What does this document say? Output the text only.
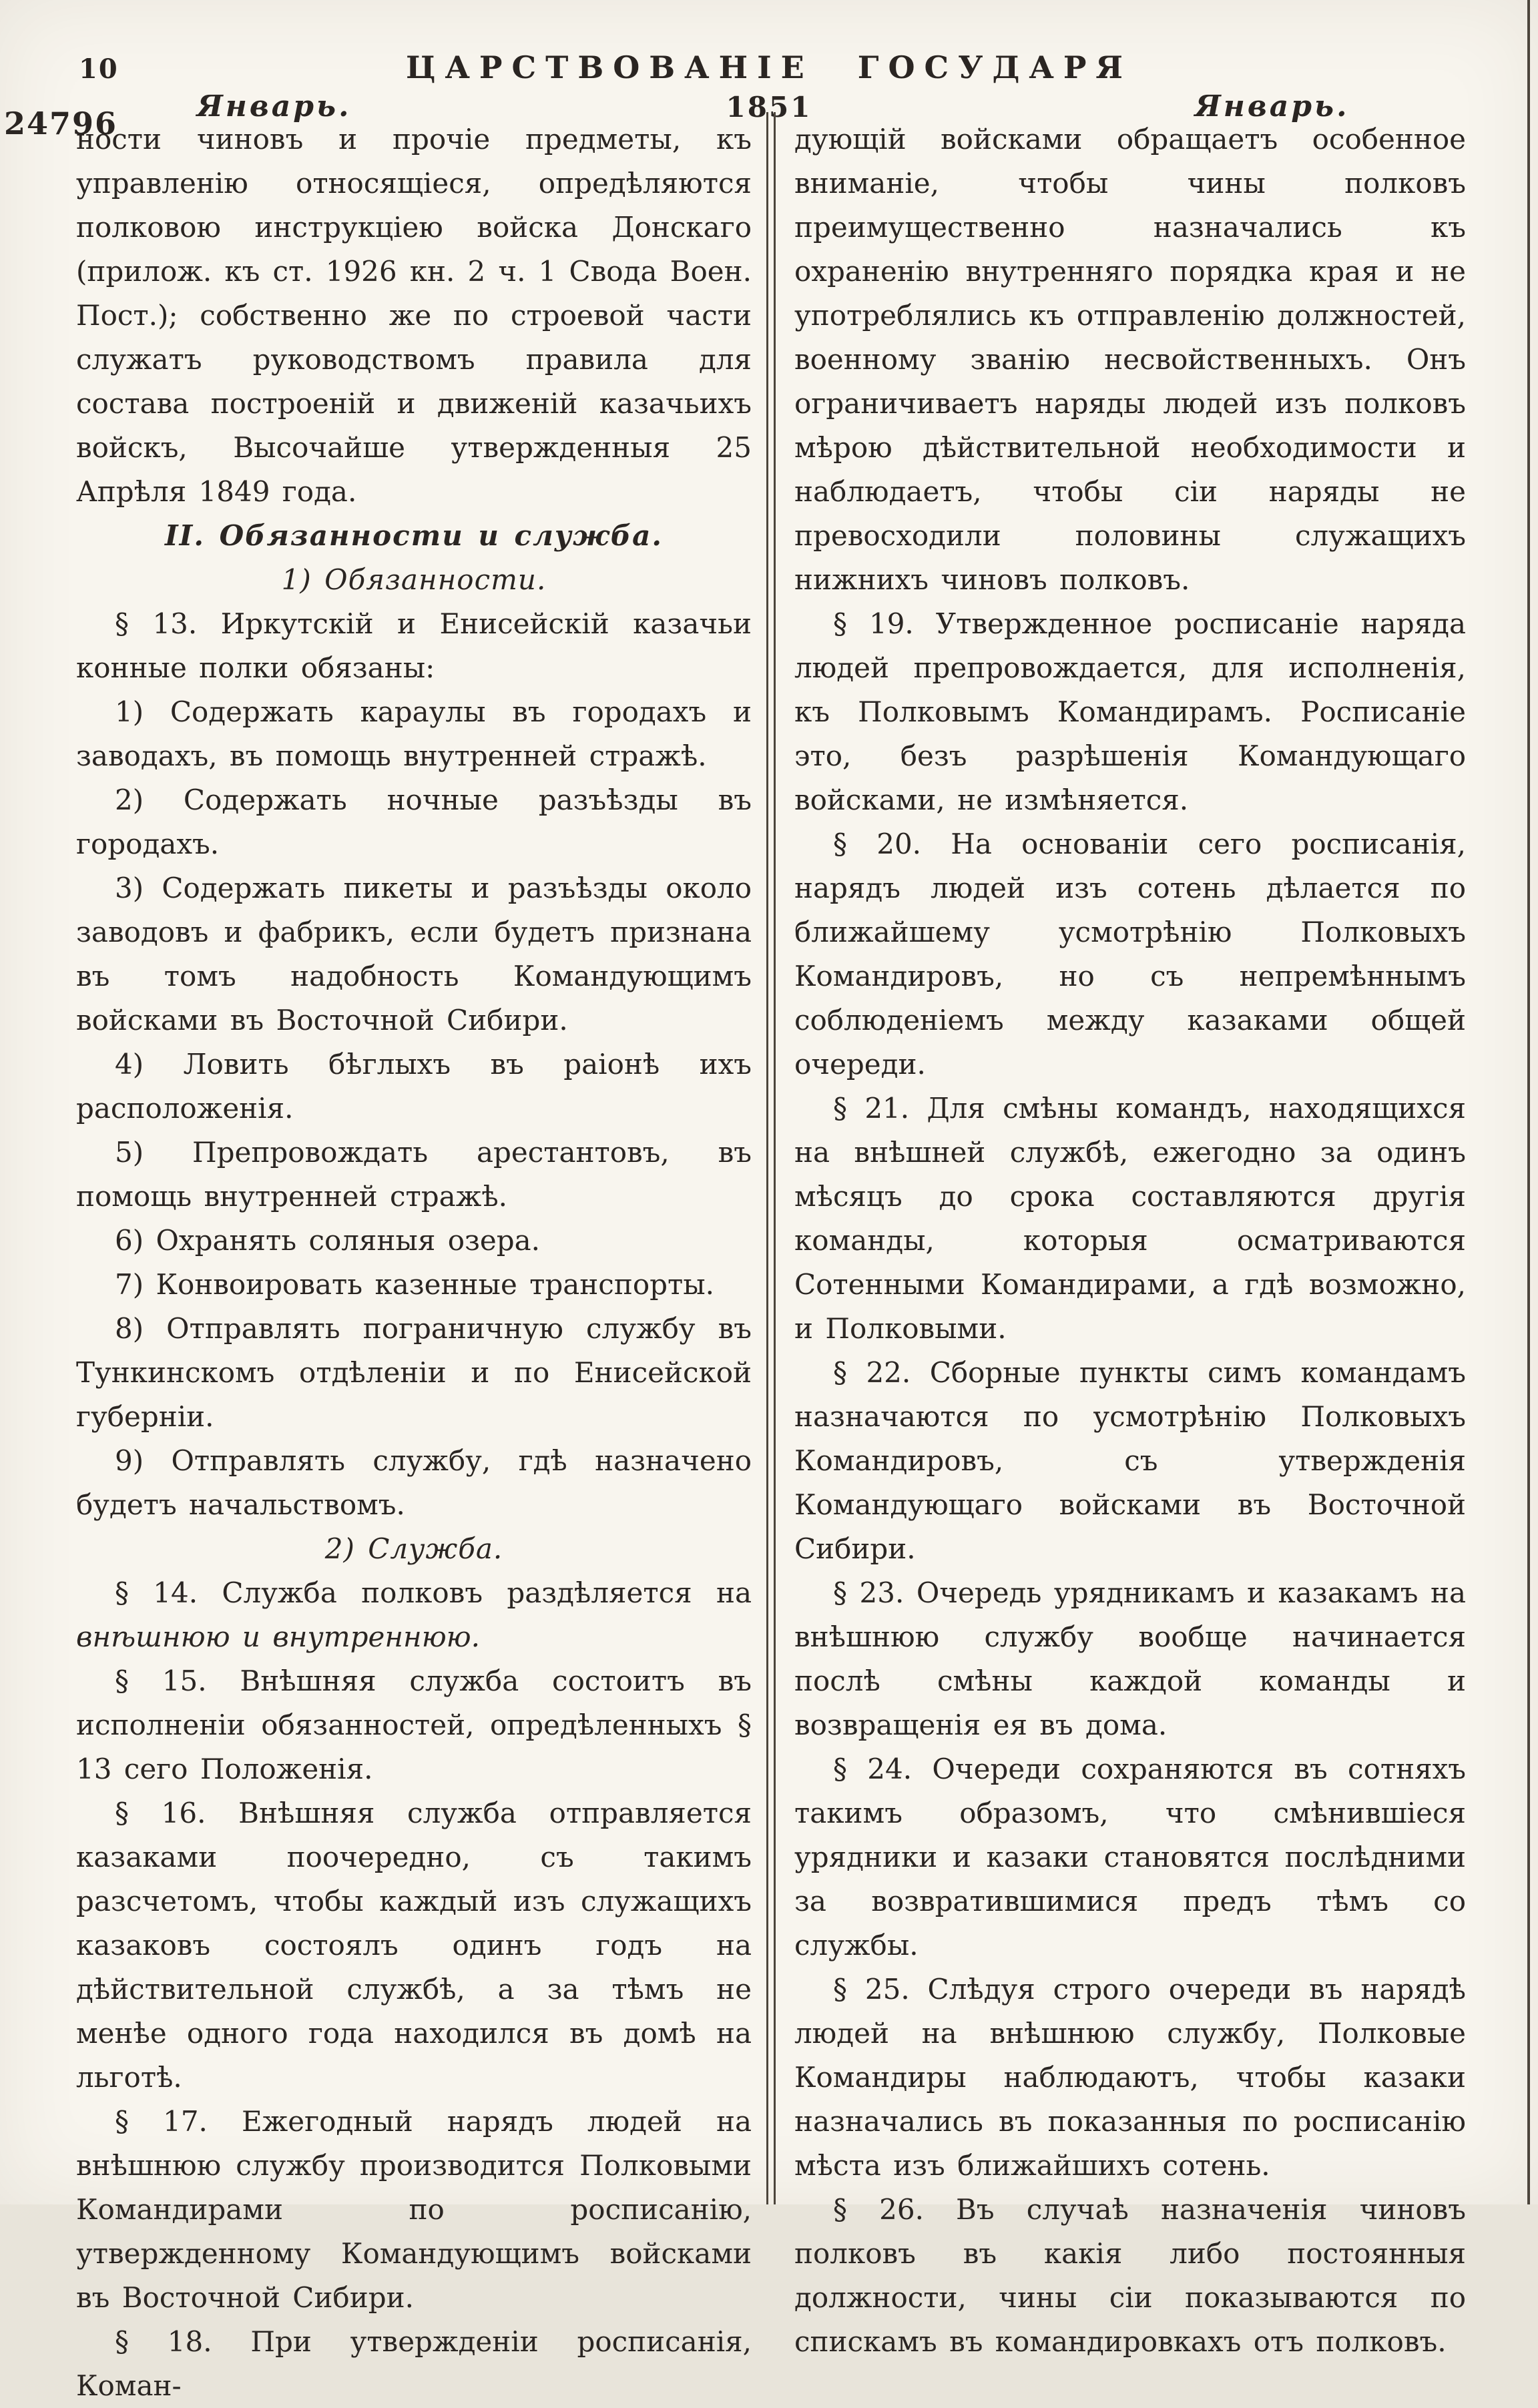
10	ЦАРСТВОВАНІЕ ГОСУДАРЯ
Январь.	1851	Январь.
24796
ности чиновъ и прочіе предметы, къ управленію относящіеся, опредѣляются полковою инструкціею войска Донскаго (прилож. къ ст. 1926 кн. 2 ч. 1 Свода Воен. Пост.); собственно же по строевой части служатъ руководствомъ правила для состава построеній и движеній казачьихъ войскъ, Высочайше утвержденныя 25 Апрѣля 1849 года.
II. Обязанности и служба.
1) Обязанности.
§ 13. Иркутскій и Енисейскій казачьи конные полки обязаны:
1) Содержать караулы въ городахъ и заводахъ, въ помощь внутренней стражѣ.
2) Содержать ночные разъѣзды въ городахъ.
3) Содержать пикеты и разъѣзды около заводовъ и фабрикъ, если будетъ признана въ томъ надобность Командующимъ войсками въ Восточной Сибири.
4) Ловить бѣглыхъ въ раіонѣ ихъ расположенія.
5) Препровождать арестантовъ, въ помощь внутренней стражѣ.
6) Охранять соляныя озера.
7) Конвоировать казенные транспорты.
8) Отправлять пограничную службу въ Тункинскомъ отдѣленіи и по Енисейской губерніи.
9) Отправлять службу, гдѣ назначено будетъ начальствомъ.
2) Служба.
§ 14. Служба полковъ раздѣляется на внѣшнюю и внутреннюю.
§ 15. Внѣшняя служба состоитъ въ исполненіи обязанностей, опредѣленныхъ § 13 сего Положенія.
§ 16. Внѣшняя служба отправляется казаками поочередно, съ такимъ разсчетомъ, чтобы каждый изъ служащихъ казаковъ состоялъ одинъ годъ на дѣйствительной службѣ, а за тѣмъ не менѣе одного года находился въ домѣ на льготѣ.
§ 17. Ежегодный нарядъ людей на внѣшнюю службу производится Полковыми Командирами по росписанію, утвержденному Командующимъ войсками въ Восточной Сибири.
§ 18. При утвержденіи росписанія, Коман-
дующій войсками обращаетъ особенное вниманіе, чтобы чины полковъ преимущественно назначались къ охраненію внутренняго порядка края и не употреблялись къ отправленію должностей, военному званію несвойственныхъ. Онъ ограничиваетъ наряды людей изъ полковъ мѣрою дѣйствительной необходимости и наблюдаетъ, чтобы сіи наряды не превосходили половины служащихъ нижнихъ чиновъ полковъ.
§ 19. Утвержденное росписаніе наряда людей препровождается, для исполненія, къ Полковымъ Командирамъ. Росписаніе это, безъ разрѣшенія Командующаго войсками, не измѣняется.
§ 20. На основаніи сего росписанія, нарядъ людей изъ сотень дѣлается по ближайшему усмотрѣнію Полковыхъ Командировъ, но съ непремѣннымъ соблюденіемъ между казаками общей очереди.
§ 21. Для смѣны командъ, находящихся на внѣшней службѣ, ежегодно за одинъ мѣсяцъ до срока составляются другія команды, которыя осматриваются Сотенными Командирами, а гдѣ возможно, и Полковыми.
§ 22. Сборные пункты симъ командамъ назначаются по усмотрѣнію Полковыхъ Командировъ, съ утвержденія Командующаго войсками въ Восточной Сибири.
§ 23. Очередь урядникамъ и казакамъ на внѣшнюю службу вообще начинается послѣ смѣны каждой команды и возвращенія ея въ дома.
§ 24. Очереди сохраняются въ сотняхъ такимъ образомъ, что смѣнившіеся урядники и казаки становятся послѣдними за возвратившимися предъ тѣмъ со службы.
§ 25. Слѣдуя строго очереди въ нарядѣ людей на внѣшнюю службу, Полковые Командиры наблюдаютъ, чтобы казаки назначались въ показанныя по росписанію мѣста изъ ближайшихъ сотень.
§ 26. Въ случаѣ назначенія чиновъ полковъ въ какія либо постоянныя должности, чины сіи показываются по спискамъ въ командировкахъ отъ полковъ.
